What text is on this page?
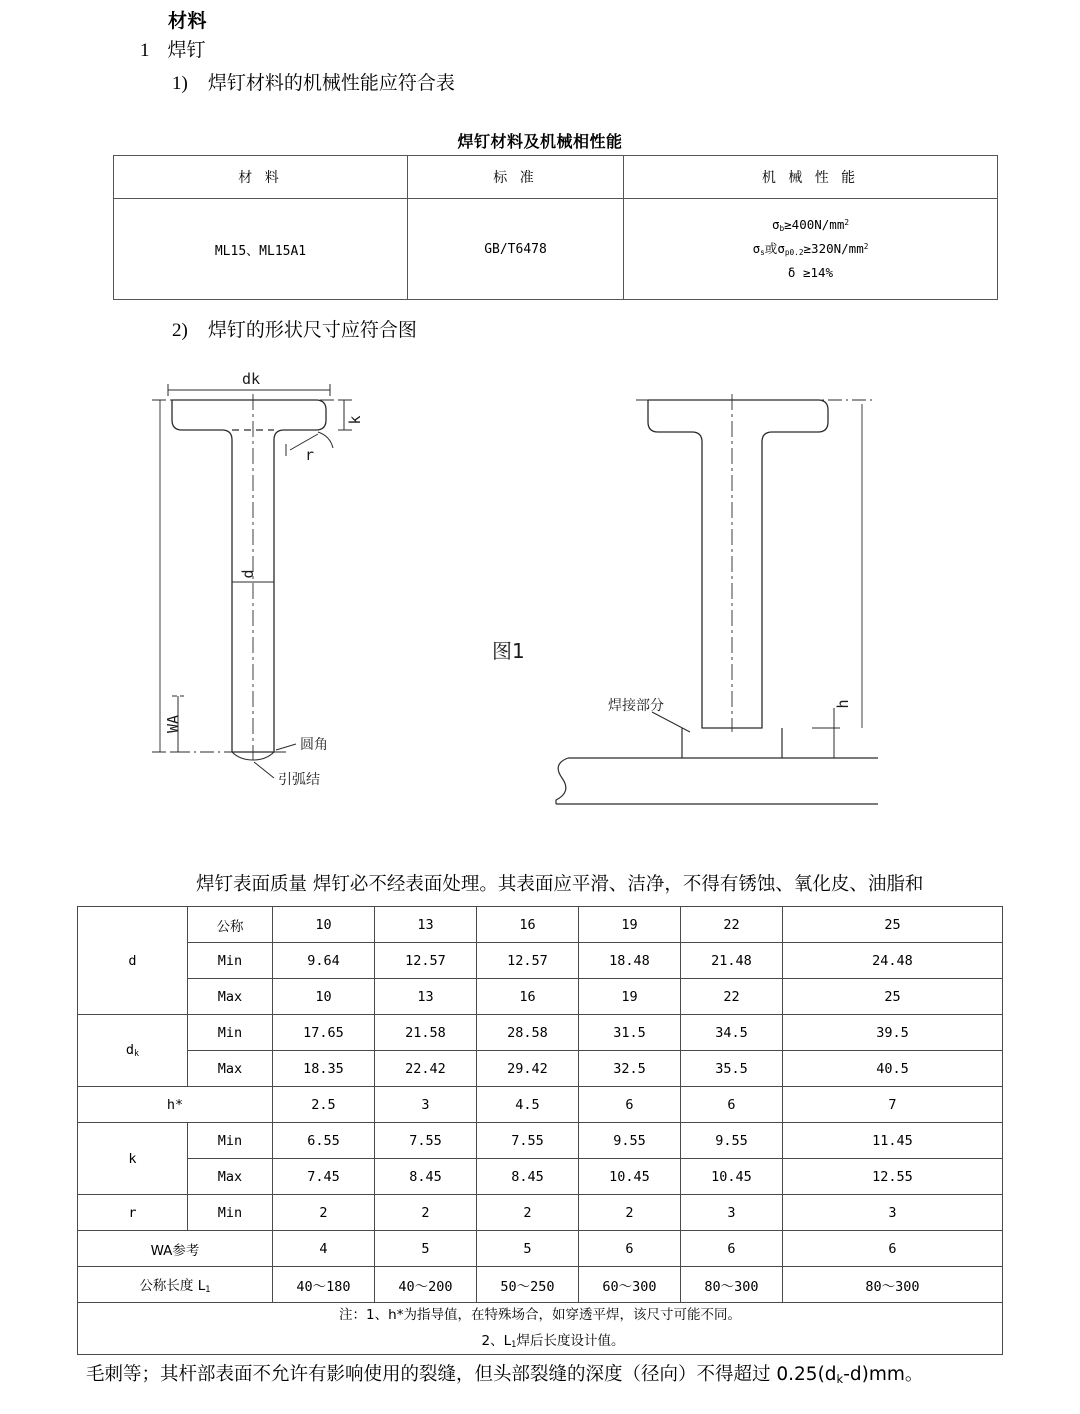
材料
1 焊钉
1) 焊钉材料的机械性能应符合表
2) 焊钉的形状尺寸应符合图
焊钉材料及机械相性能
材 料	标 准	机 械 性 能
ML15、ML15A1	GB/T6478	$\sigma_b\ge 400N/mm^2$
$\sigma_s$或$\sigma_{p0.2}\ge 320N/mm^2$
δ ≥14%
dk
k
r
d
WA
圆角
引弧结
图1
焊接部分	h
焊钉表面质量 焊钉必不经表面处理。其表面应平滑、洁净，不得有锈蚀、氧化皮、油脂和
d	公称	10	13	16	19	22	25
	Min	9.64	12.57	12.57	18.48	21.48	24.48
	Max	10	13	16	19	22	25
$d_k$	Min	17.65	21.58	28.58	31.5	34.5	39.5
	Max	18.35	22.42	29.42	32.5	35.5	40.5
h*		2.5	3	4.5	6	6	7
k	Min	6.55	7.55	7.55	9.55	9.55	11.45
	Max	7.45	8.45	8.45	10.45	10.45	12.55
r	Min	2	2	2	2	3	3
WA参考		4	5	5	6	6	6
公称长度 $L_1$		40～180	40～200	50～250	60～300	80～300	80～300
注：1、h*为指导值，在特殊场合，如穿透平焊，该尺寸可能不同。
2、$L_1$焊后长度设计值。							
毛刺等；其杆部表面不允许有影响使用的裂缝，但头部裂缝的深度（径向）不得超过 $0.25(d_k-d)mm$。
